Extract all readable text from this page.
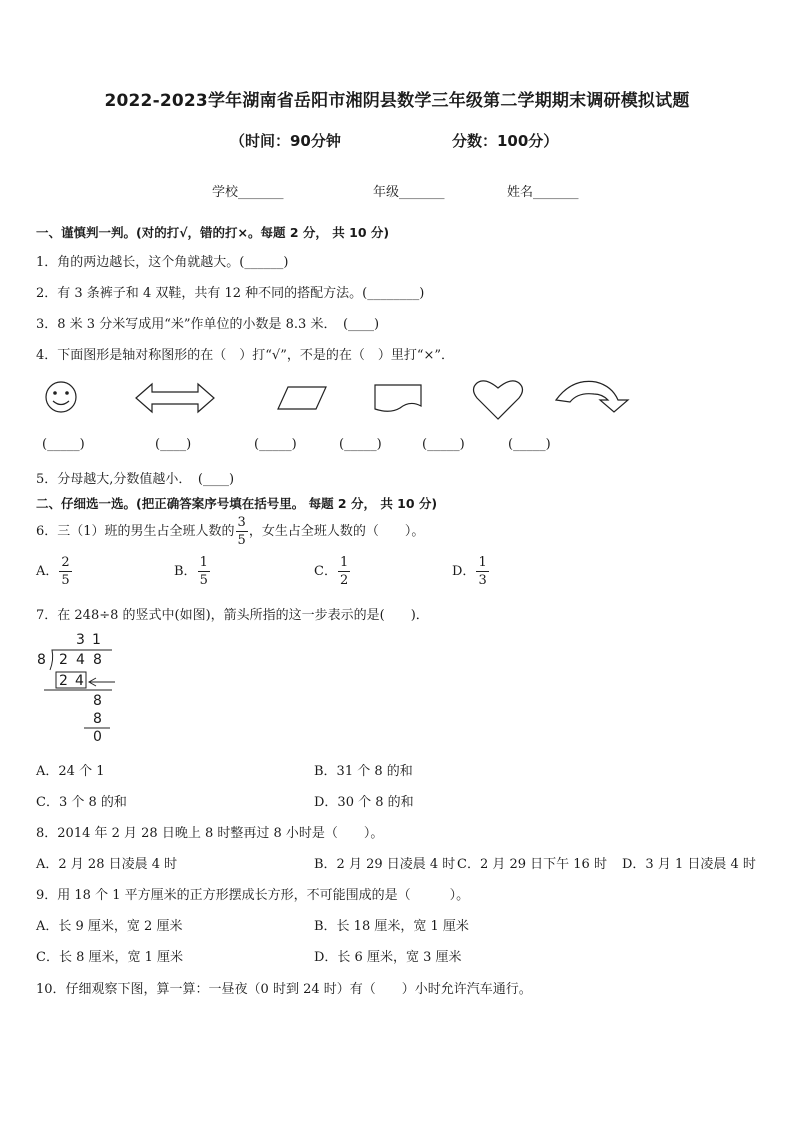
2022-2023学年湖南省岳阳市湘阴县数学三年级第二学期期末调研模拟试题
（时间：90分钟	分数：100分）
学校_______	年级_______	姓名_______
一、谨慎判一判。(对的打√，错的打×。每题 2 分， 共 10 分)
1．角的两边越长，这个角就越大。(______)
2．有 3 条裤子和 4 双鞋，共有 12 种不同的搭配方法。(________)
3．8 米 3 分米写成用“米”作单位的小数是 8.3 米．　(____)
4．下面图形是轴对称图形的在（　）打“√”，不是的在（　）里打“×”．
(_____)	(____)	(_____)	(_____)	(_____)	(_____)
5．分母越大,分数值越小．　(____)
二、仔细选一选。(把正确答案序号填在括号里。 每题 2 分， 共 10 分)
6．三（1）班的男生占全班人数的 $\frac{3}{5}$ ，女生占全班人数的（　　）。
A． $\frac{2}{5}$	B． $\frac{1}{5}$	C． $\frac{1}{2}$	D． $\frac{1}{3}$
7．在 248÷8 的竖式中(如图)，箭头所指的这一步表示的是(　　)．
3 1
8 2 4 8
2 4
8
8
0
A．24 个 1	B．31 个 8 的和
C．3 个 8 的和	D．30 个 8 的和
8．2014 年 2 月 28 日晚上 8 时整再过 8 小时是（　　）。
A．2 月 28 日凌晨 4 时	B．2 月 29 日凌晨 4 时 C．2 月 29 日下午 16 时 D．3 月 1 日凌晨 4 时
9．用 18 个 1 平方厘米的正方形摆成长方形，不可能围成的是（　　　）。
A．长 9 厘米，宽 2 厘米	B．长 18 厘米，宽 1 厘米
C．长 8 厘米，宽 1 厘米	D．长 6 厘米，宽 3 厘米
10．仔细观察下图，算一算：一昼夜（0 时到 24 时）有（　　）小时允许汽车通行。
